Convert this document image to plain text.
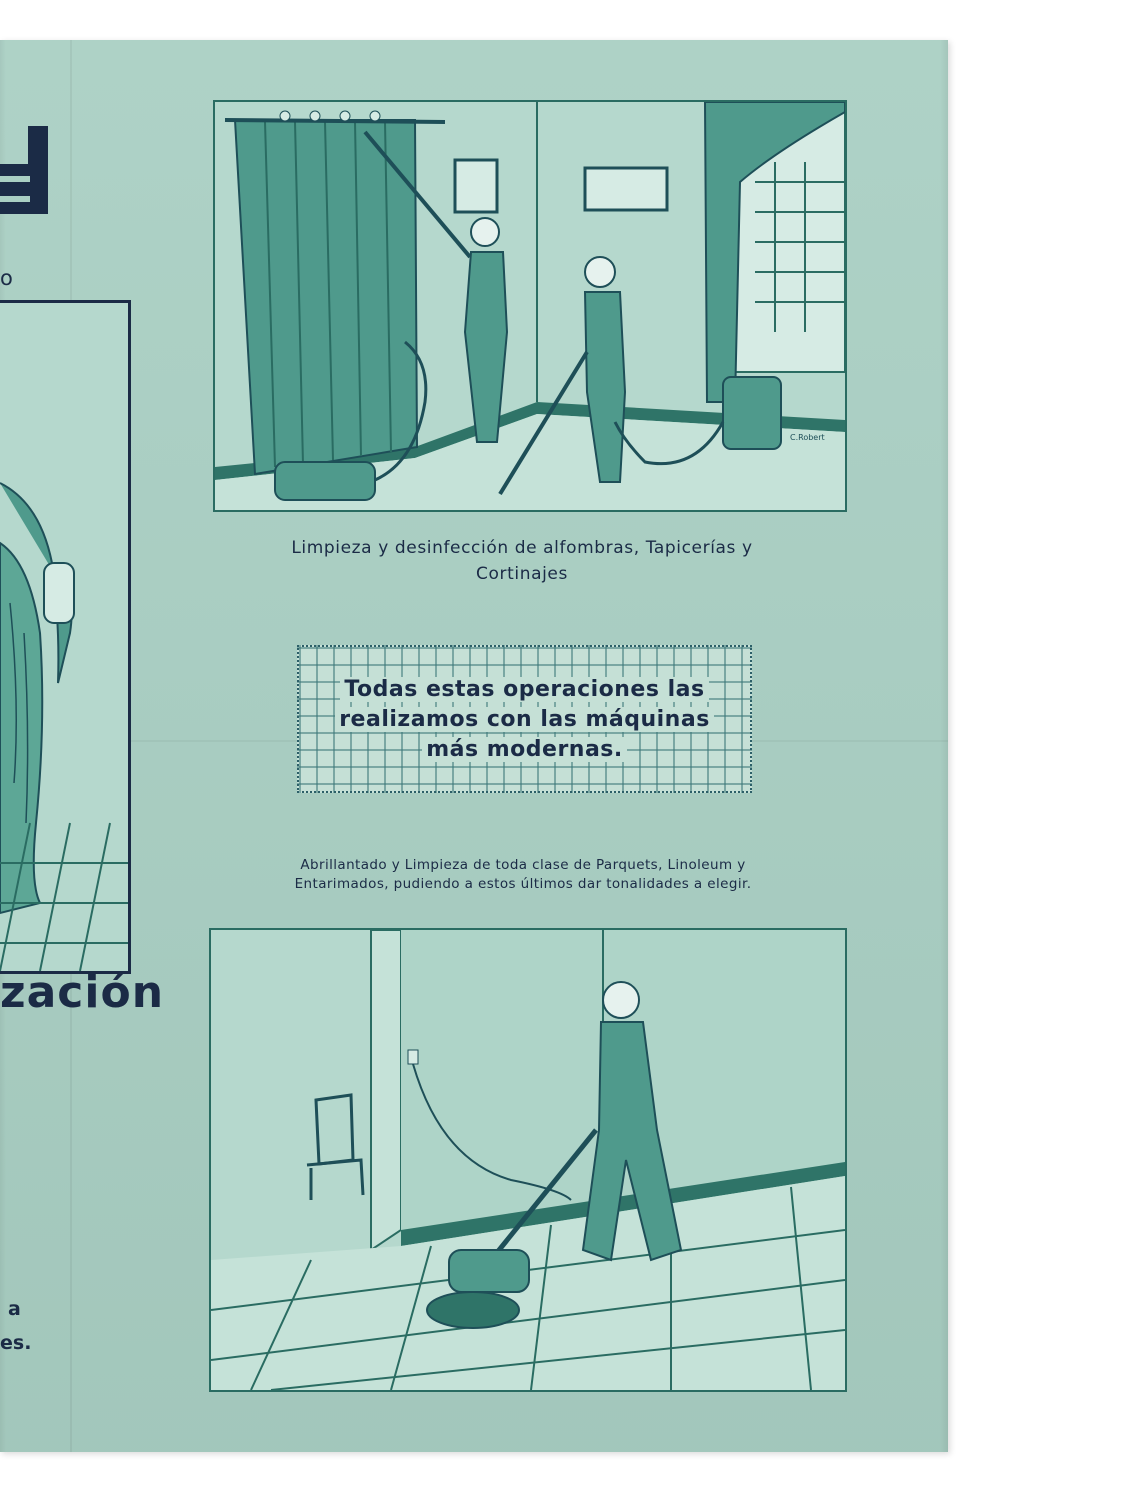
o
zación
a
es.
C.Robert
Limpieza y desinfección de alfombras, Tapicerías y
Cortinajes
Todas estas operaciones las
realizamos con las máquinas
más modernas.
Abrillantado y Limpieza de toda clase de Parquets, Linoleum y
Entarimados, pudiendo a estos últimos dar tonalidades a elegir.
